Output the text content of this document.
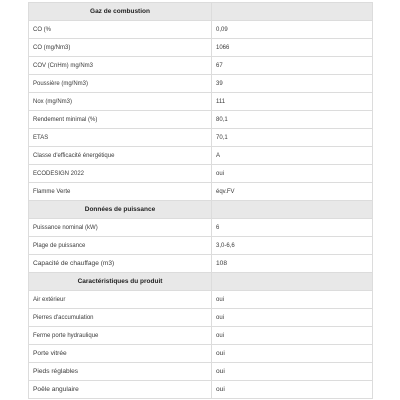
Gaz de combustion	
CO (%	0,09
CO (mg/Nm3)	1066
COV (CnHm) mg/Nm3	67
Poussière (mg/Nm3)	39
Nox (mg/Nm3)	111
Rendement minimal (%)	80,1
ETAS	70,1
Classe d'efficacité énergétique	A
ECODESIGN 2022	oui
Flamme Verte	éqv.FV
Données de puissance	
Puissance nominal (kW)	6
Plage de puissance	3,0-6,6
Capacité de chauffage (m3)	108
Caractéristiques du produit	
Air extérieur	oui
Pierres d'accumulation	oui
Ferme porte hydraulique	oui
Porte vitrée	oui
Pieds réglables	oui
Poêle angulaire	oui
